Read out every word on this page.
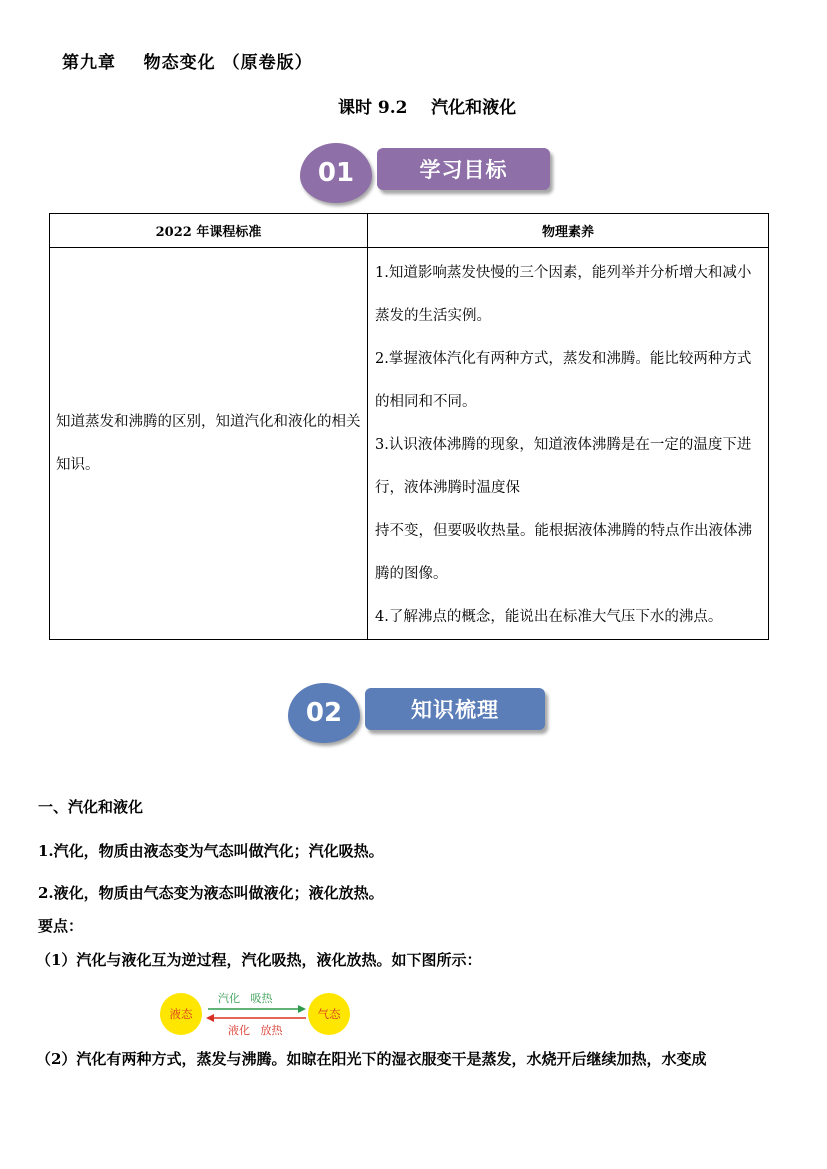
第九章    物态变化 （原卷版）
课时 9.2    汽化和液化
学习目标
01
2022 年课程标准	物理素养
知道蒸发和沸腾的区别，知道汽化和液化的相关知识。	1.知道影响蒸发快慢的三个因素，能列举并分析增大和减小蒸发的生活实例。
2.掌握液体汽化有两种方式，蒸发和沸腾。能比较两种方式的相同和不同。
3.认识液体沸腾的现象，知道液体沸腾是在一定的温度下进行，液体沸腾时温度保
持不变，但要吸收热量。能根据液体沸腾的特点作出液体沸腾的图像。
4.了解沸点的概念，能说出在标准大气压下水的沸点。
知识梳理
02
一、汽化和液化
1.汽化，物质由液态变为气态叫做汽化；汽化吸热。
2.液化，物质由气态变为液态叫做液化；液化放热。
要点：
（1）汽化与液化互为逆过程，汽化吸热，液化放热。如下图所示：
液态	气态
汽化   吸热
液化   放热
（2）汽化有两种方式，蒸发与沸腾。如晾在阳光下的湿衣服变干是蒸发，水烧开后继续加热，水变成
